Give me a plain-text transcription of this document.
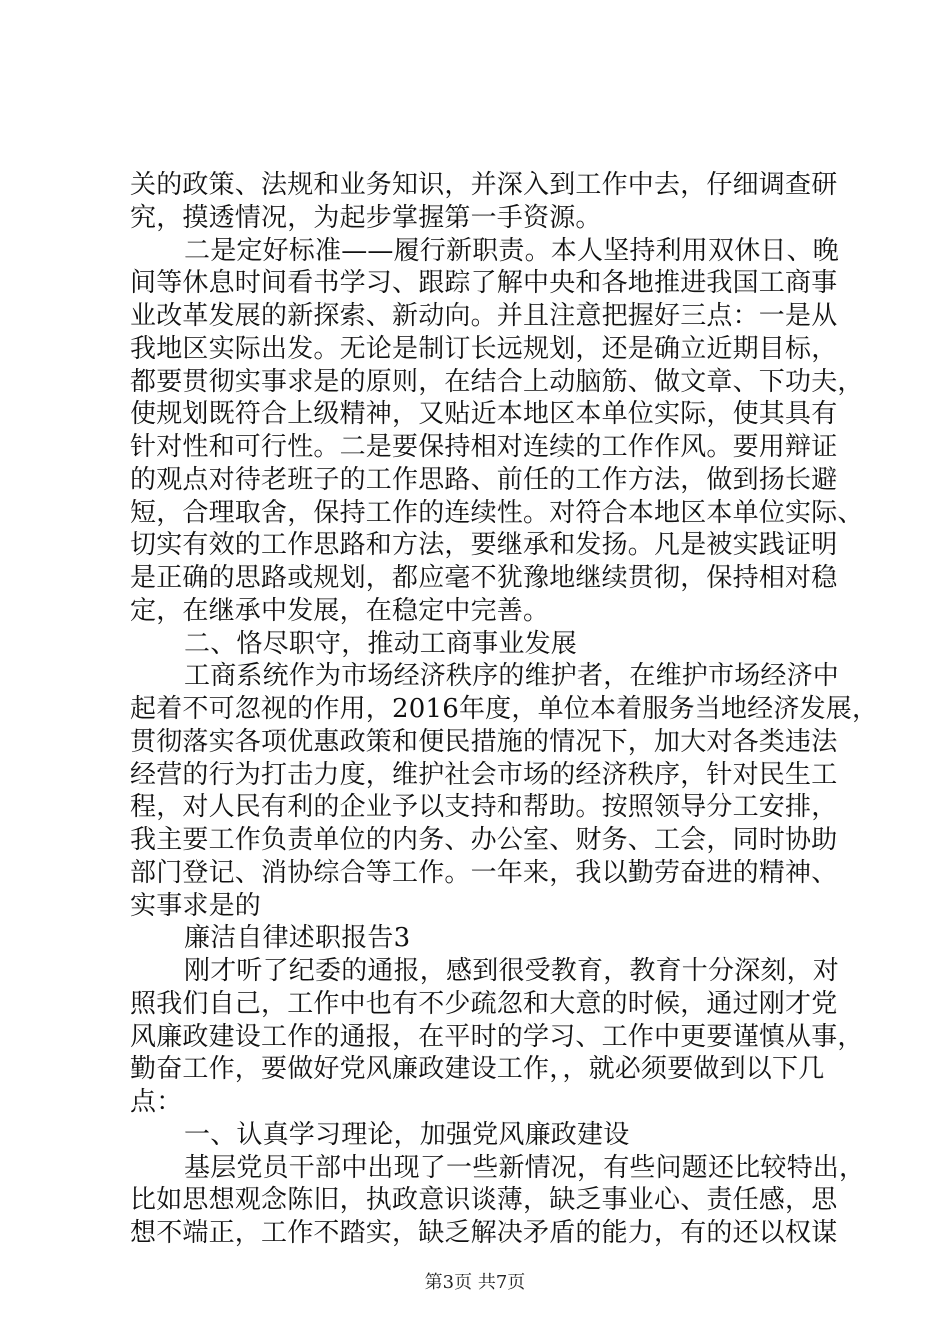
关的政策、法规和业务知识，并深入到工作中去，仔细调查研
究，摸透情况，为起步掌握第一手资源。
二是定好标准——履行新职责。本人坚持利用双休日、晚
间等休息时间看书学习、跟踪了解中央和各地推进我国工商事
业改革发展的新探索、新动向。并且注意把握好三点：一是从
我地区实际出发。无论是制订长远规划，还是确立近期目标，
都要贯彻实事求是的原则，在结合上动脑筋、做文章、下功夫，
使规划既符合上级精神，又贴近本地区本单位实际，使其具有
针对性和可行性。二是要保持相对连续的工作作风。要用辩证
的观点对待老班子的工作思路、前任的工作方法，做到扬长避
短，合理取舍，保持工作的连续性。对符合本地区本单位实际、
切实有效的工作思路和方法，要继承和发扬。凡是被实践证明
是正确的思路或规划，都应毫不犹豫地继续贯彻，保持相对稳
定，在继承中发展，在稳定中完善。
二、恪尽职守，推动工商事业发展
工商系统作为市场经济秩序的维护者，在维护市场经济中
起着不可忽视的作用，2016年度，单位本着服务当地经济发展，
贯彻落实各项优惠政策和便民措施的情况下，加大对各类违法
经营的行为打击力度，维护社会市场的经济秩序，针对民生工
程，对人民有利的企业予以支持和帮助。按照领导分工安排，
我主要工作负责单位的内务、办公室、财务、工会，同时协助
部门登记、消协综合等工作。一年来，我以勤劳奋进的精神、
实事求是的
廉洁自律述职报告3
刚才听了纪委的通报，感到很受教育，教育十分深刻，对
照我们自己，工作中也有不少疏忽和大意的时候，通过刚才党
风廉政建设工作的通报，在平时的学习、工作中更要谨慎从事，
勤奋工作，要做好党风廉政建设工作，，就必须要做到以下几
点：
一、认真学习理论，加强党风廉政建设
基层党员干部中出现了一些新情况，有些问题还比较特出，
比如思想观念陈旧，执政意识谈薄，缺乏事业心、责任感，思
想不端正，工作不踏实，缺乏解决矛盾的能力，有的还以权谋
第3页 共7页
